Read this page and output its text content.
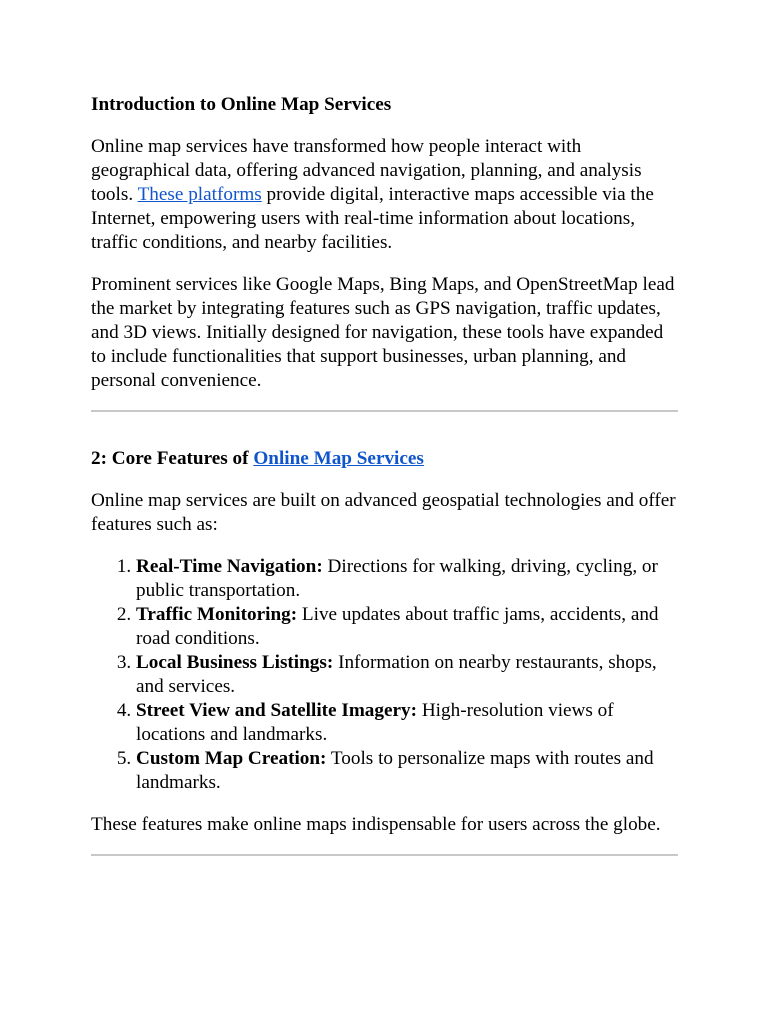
Introduction to Online Map Services

Online map services have transformed how people interact with geographical data, offering advanced navigation, planning, and analysis tools. These platforms provide digital, interactive maps accessible via the Internet, empowering users with real-time information about locations, traffic conditions, and nearby facilities.

Prominent services like Google Maps, Bing Maps, and OpenStreetMap lead the market by integrating features such as GPS navigation, traffic updates, and 3D views. Initially designed for navigation, these tools have expanded to include functionalities that support businesses, urban planning, and personal convenience.

2: Core Features of Online Map Services

Online map services are built on advanced geospatial technologies and offer features such as:

1. Real-Time Navigation: Directions for walking, driving, cycling, or public transportation.
2. Traffic Monitoring: Live updates about traffic jams, accidents, and road conditions.
3. Local Business Listings: Information on nearby restaurants, shops, and services.
4. Street View and Satellite Imagery: High-resolution views of locations and landmarks.
5. Custom Map Creation: Tools to personalize maps with routes and landmarks.

These features make online maps indispensable for users across the globe.
